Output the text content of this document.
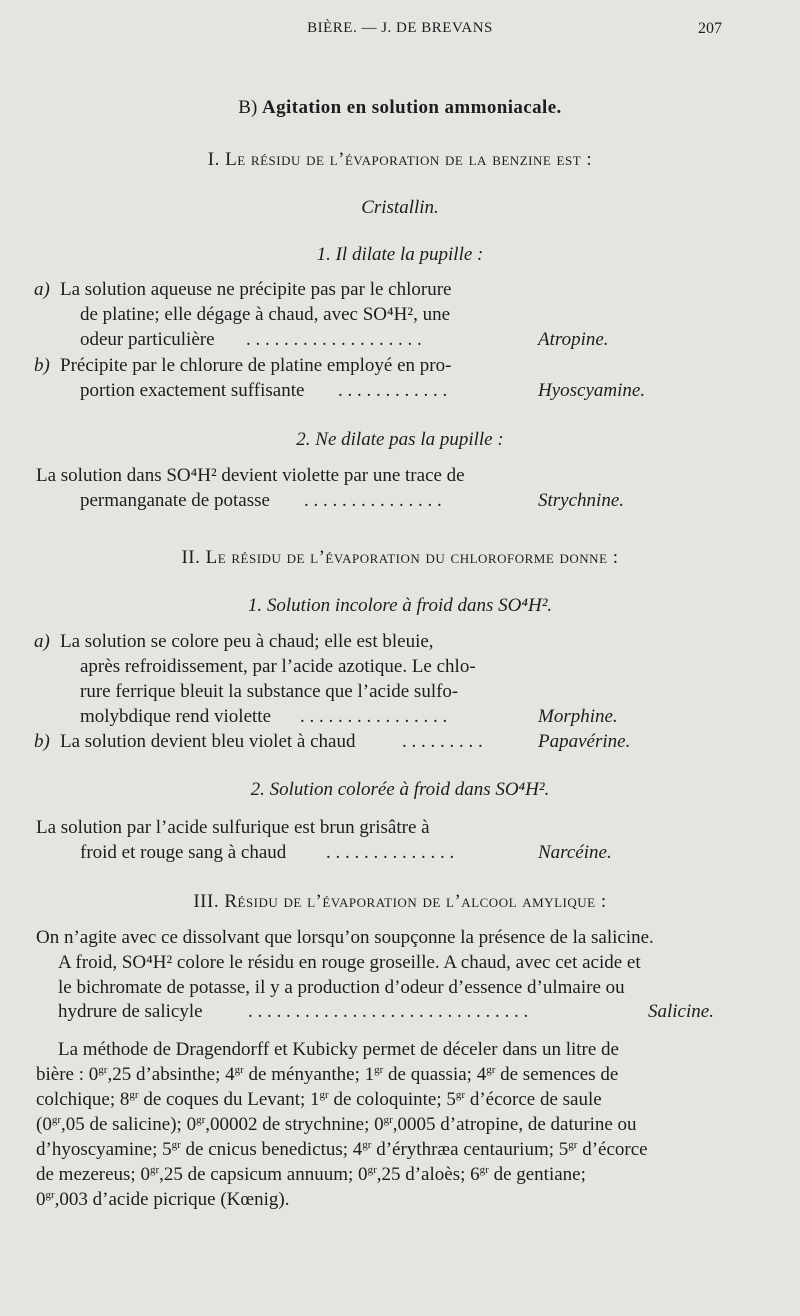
BIÈRE. — J. DE BREVANS	207
B) Agitation en solution ammoniacale.
I. Le résidu de l’évaporation de la benzine est :
Cristallin.
1. Il dilate la pupille :
a) La solution aqueuse ne précipite pas par le chlorure
de platine; elle dégage à chaud, avec SO⁴H², une
odeur particulière . . . . . . . . . . . . . . . . . . .	Atropine.
b) Précipite par le chlorure de platine employé en pro-
portion exactement suffisante . . . . . . . . . . . .	Hyoscyamine.
2. Ne dilate pas la pupille :
La solution dans SO⁴H² devient violette par une trace de
permanganate de potasse . . . . . . . . . . . . . . .	Strychnine.
II. Le résidu de l’évaporation du chloroforme donne :
1. Solution incolore à froid dans SO⁴H².
a) La solution se colore peu à chaud; elle est bleuie,
après refroidissement, par l’acide azotique. Le chlo-
rure ferrique bleuit la substance que l’acide sulfo-
molybdique rend violette . . . . . . . . . . . . . . . .	Morphine.
b) La solution devient bleu violet à chaud . . . . . . . . .	Papavérine.
2. Solution colorée à froid dans SO⁴H².
La solution par l’acide sulfurique est brun grisâtre à
froid et rouge sang à chaud . . . . . . . . . . . . . .	Narcéine.
III. Résidu de l’évaporation de l’alcool amylique :
On n’agite avec ce dissolvant que lorsqu’on soupçonne la présence de la salicine.
A froid, SO⁴H² colore le résidu en rouge groseille. A chaud, avec cet acide et
le bichromate de potasse, il y a production d’odeur d’essence d’ulmaire ou
hydrure de salicyle . . . . . . . . . . . . . . . . . . . . . . . . . . . . . .	Salicine.
La méthode de Dragendorff et Kubicky permet de déceler dans un litre de
bière : $0^{gr},25$ d’absinthe; $4^{gr}$ de ményanthe; $1^{gr}$ de quassia; $4^{gr}$ de semences de
colchique; $8^{gr}$ de coques du Levant; $1^{gr}$ de coloquinte; $5^{gr}$ d’écorce de saule
($0^{gr},05$ de salicine); $0^{gr},00002$ de strychnine; $0^{gr},0005$ d’atropine, de daturine ou
d’hyoscyamine; $5^{gr}$ de cnicus benedictus; $4^{gr}$ d’érythræa centaurium; $5^{gr}$ d’écorce
de mezereus; $0^{gr},25$ de capsicum annuum; $0^{gr},25$ d’aloès; $6^{gr}$ de gentiane;
$0^{gr},003$ d’acide picrique (Kœnig).
